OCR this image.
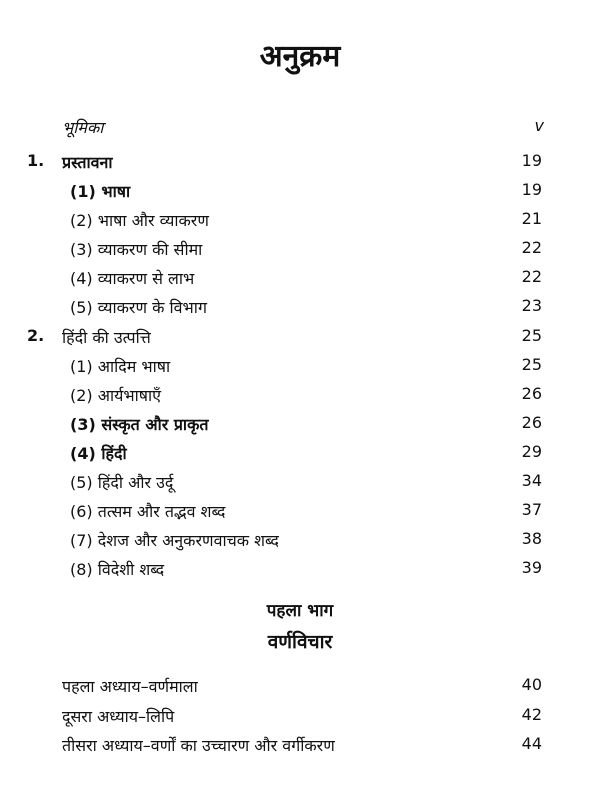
अनुक्रम
भूमिका	v
1. प्रस्तावना	19
(1) भाषा	19
(2) भाषा और व्याकरण	21
(3) व्याकरण की सीमा	22
(4) व्याकरण से लाभ	22
(5) व्याकरण के विभाग	23
2. हिंदी की उत्पत्ति	25
(1) आदिम भाषा	25
(2) आर्यभाषाएँ	26
(3) संस्कृत और प्राकृत	26
(4) हिंदी	29
(5) हिंदी और उर्दू	34
(6) तत्सम और तद्भव शब्द	37
(7) देशज और अनुकरणवाचक शब्द	38
(8) विदेशी शब्द	39
पहला भाग
वर्णविचार
पहला अध्याय–वर्णमाला	40
दूसरा अध्याय–लिपि	42
तीसरा अध्याय–वर्णों का उच्चारण और वर्गीकरण	44
